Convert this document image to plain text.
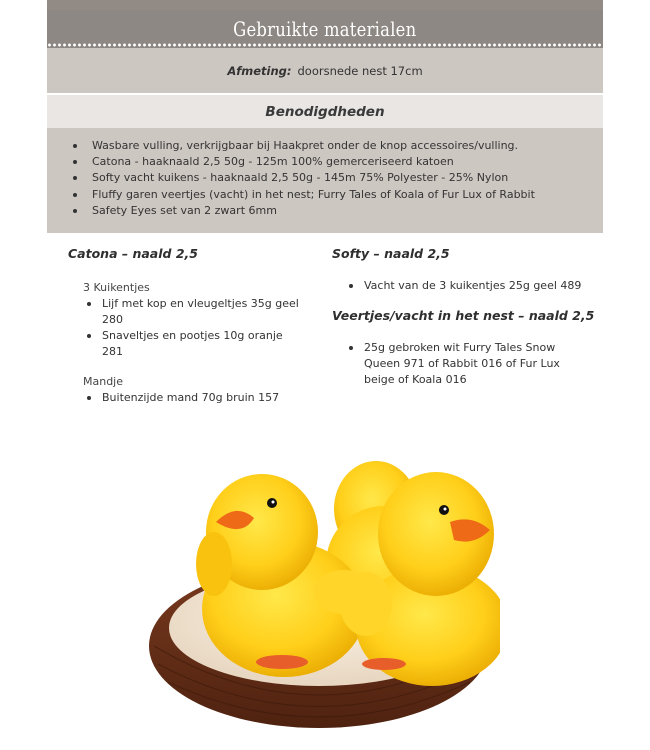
Gebruikte materialen
Afmeting: doorsnede nest 17cm
Benodigdheden
Wasbare vulling, verkrijgbaar bij Haakpret onder de knop accessoires/vulling.
Catona - haaknaald 2,5 50g - 125m 100% gemerceriseerd katoen
Softy vacht kuikens - haaknaald 2,5 50g - 145m 75% Polyester - 25% Nylon
Fluffy garen veertjes (vacht) in het nest; Furry Tales of Koala of Fur Lux of Rabbit
Safety Eyes set van 2 zwart 6mm

Catona – naald 2,5

3 Kuikentjes
Lijf met kop en vleugeltjes 35g geel 280
Snaveltjes en pootjes 10g oranje 281
Mandje
Buitenzijde mand 70g bruin 157

Softy – naald 2,5

Vacht van de 3 kuikentjes 25g geel 489

Veertjes/vacht in het nest – naald 2,5

25g gebroken wit Furry Tales Snow Queen 971 of Rabbit 016 of Fur Lux beige of Koala 016
